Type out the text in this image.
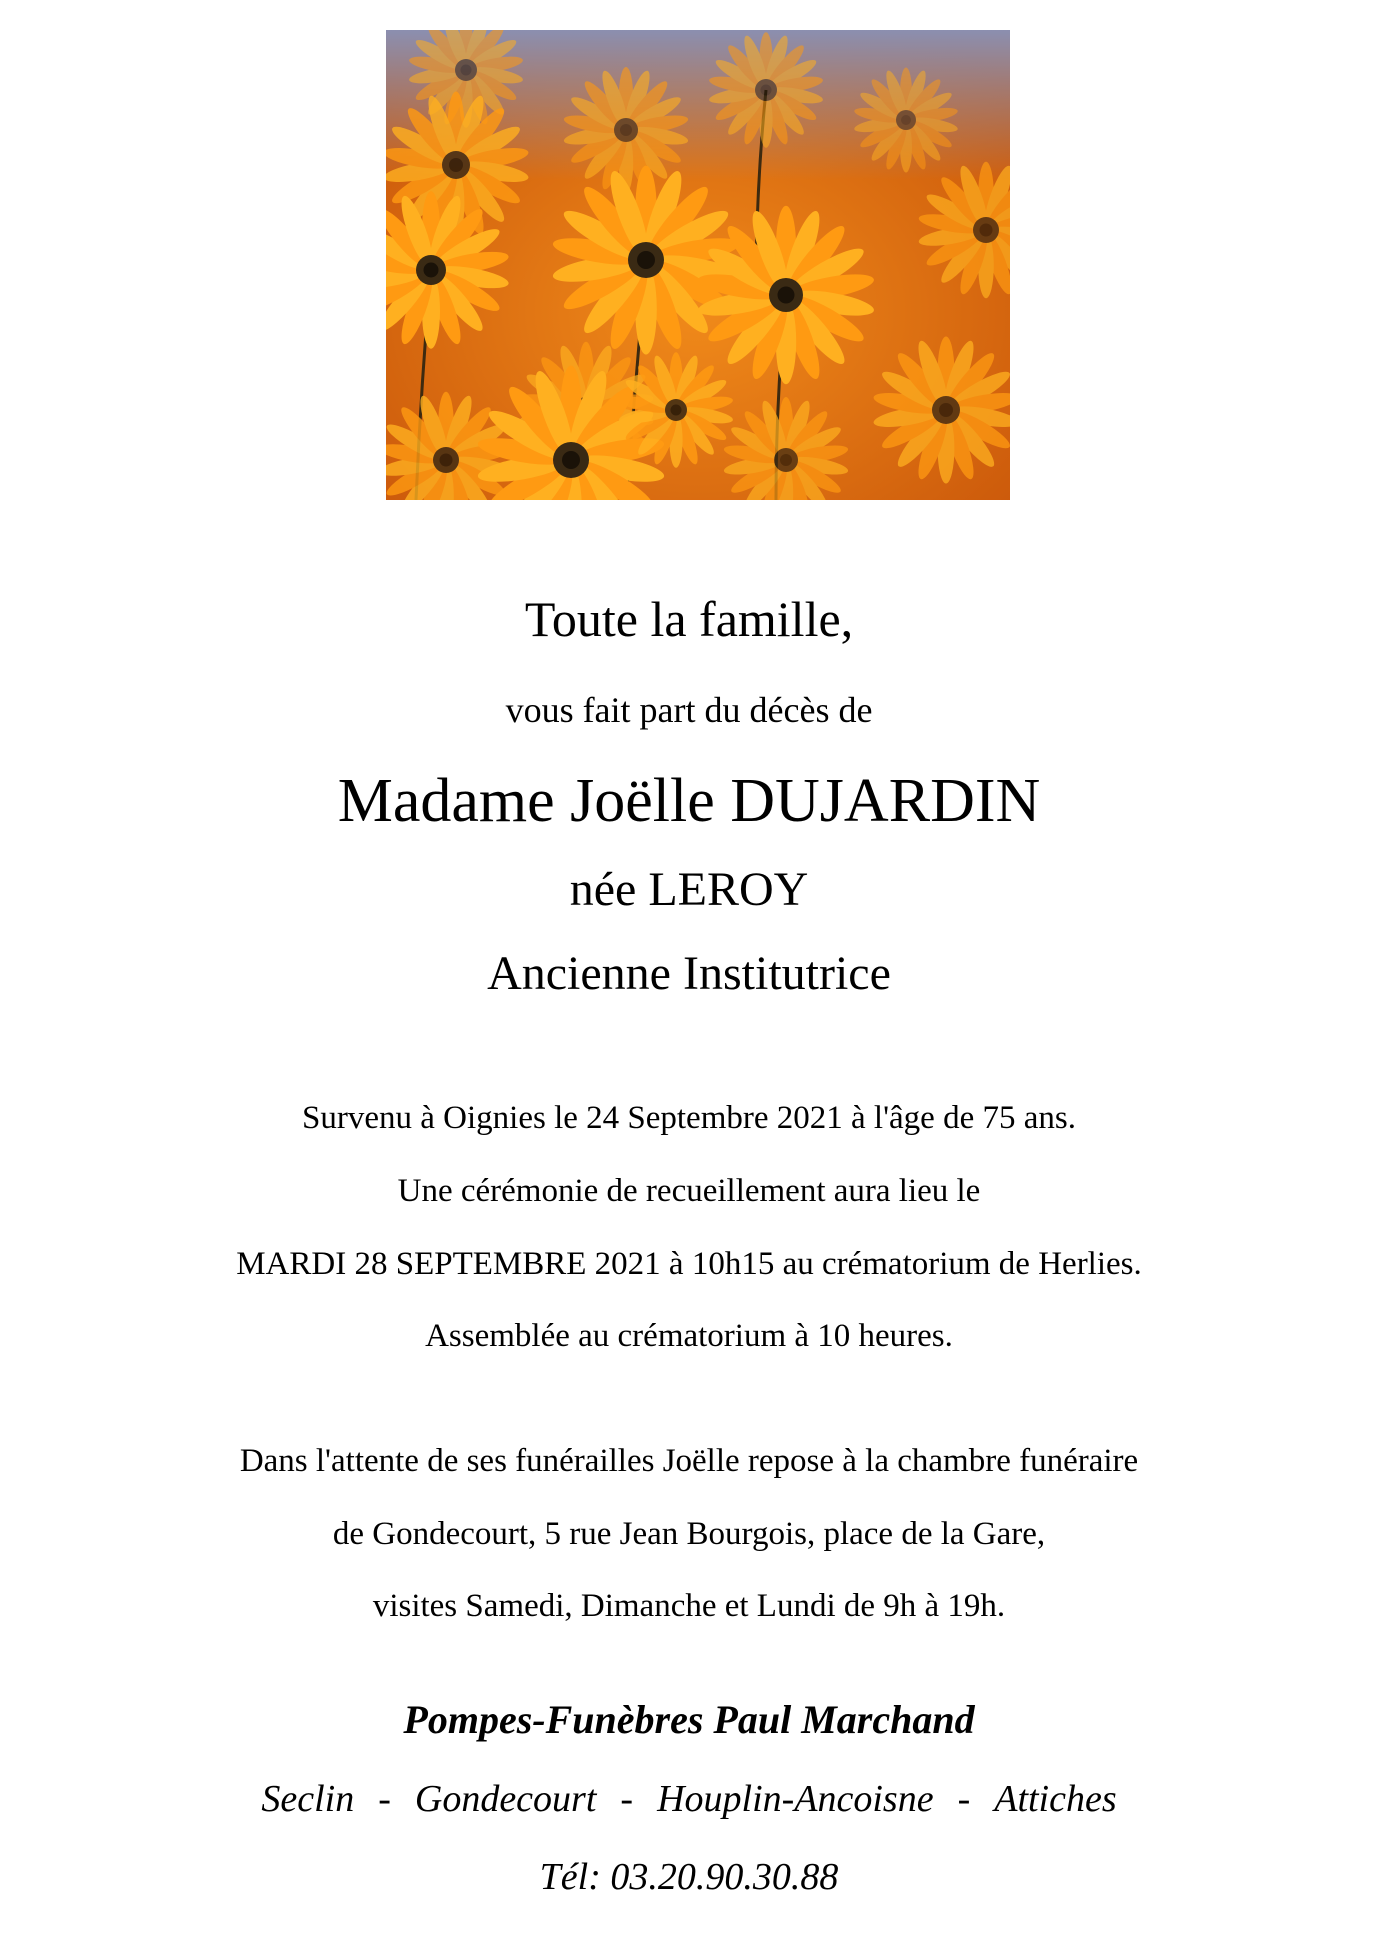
Toute la famille,
vous fait part du décès de
Madame Joëlle DUJARDIN
née LEROY
Ancienne Institutrice
Survenu à Oignies le 24 Septembre 2021 à l'âge de 75 ans.
Une cérémonie de recueillement aura lieu le
MARDI 28 SEPTEMBRE 2021 à 10h15 au crématorium de Herlies.
Assemblée au crématorium à 10 heures.
Dans l'attente de ses funérailles Joëlle repose à la chambre funéraire
de Gondecourt, 5 rue Jean Bourgois, place de la Gare,
visites Samedi, Dimanche et Lundi de 9h à 19h.
Pompes-Funèbres Paul Marchand
Seclin - Gondecourt - Houplin-Ancoisne - Attiches
Tél: 03.20.90.30.88
